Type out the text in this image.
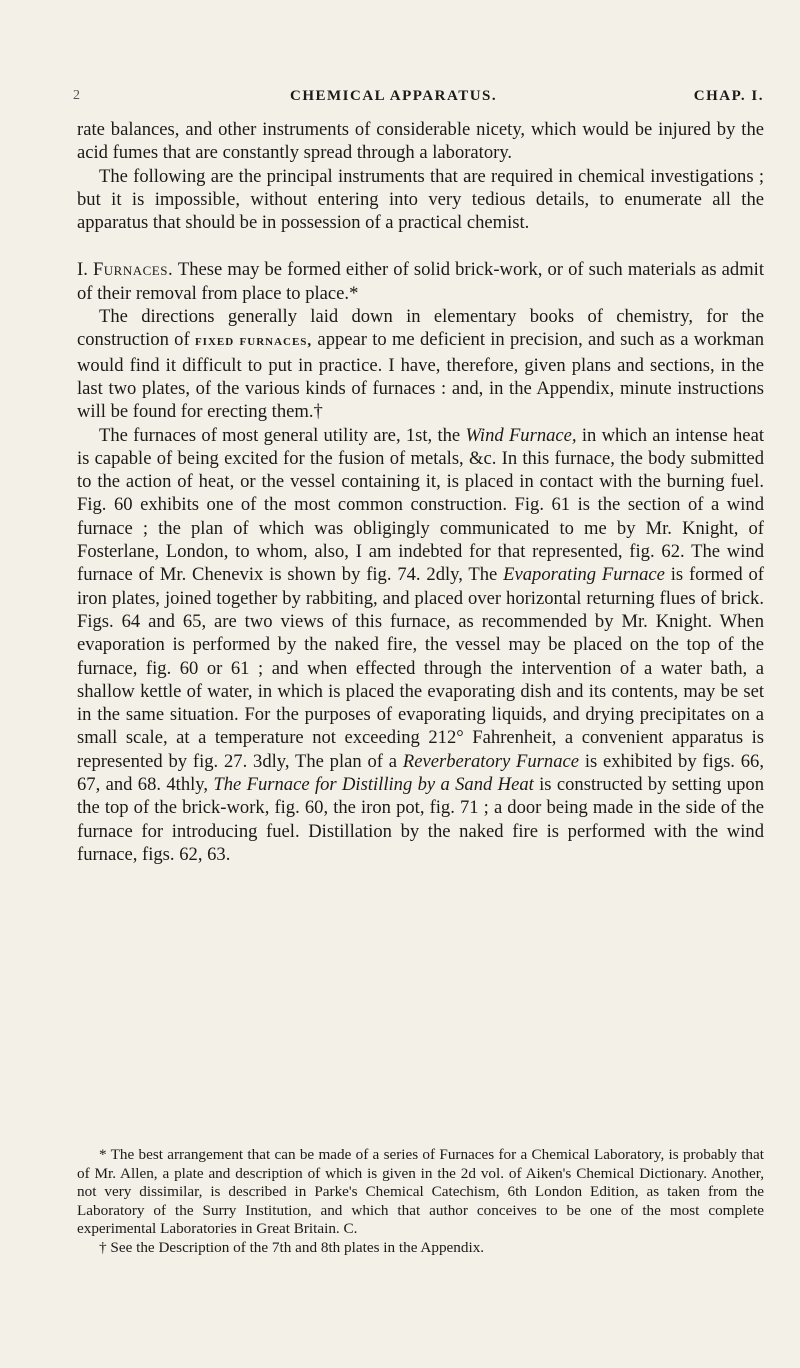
2	CHEMICAL APPARATUS.	CHAP. I.

rate balances, and other instruments of considerable nicety, which would be injured by the acid fumes that are constantly spread through a laboratory.

The following are the principal instruments that are required in chemical investigations ; but it is impossible, without entering into very tedious details, to enumerate all the apparatus that should be in possession of a practical chemist.

I. Furnaces. These may be formed either of solid brick-work, or of such materials as admit of their removal from place to place.*

The directions generally laid down in elementary books of chemistry, for the construction of fixed furnaces, appear to me deficient in precision, and such as a workman would find it difficult to put in practice. I have, therefore, given plans and sections, in the last two plates, of the various kinds of furnaces : and, in the Appendix, minute instructions will be found for erecting them.†

The furnaces of most general utility are, 1st, the Wind Furnace, in which an intense heat is capable of being excited for the fusion of metals, &c. In this furnace, the body submitted to the action of heat, or the vessel containing it, is placed in contact with the burning fuel. Fig. 60 exhibits one of the most common construction. Fig. 61 is the section of a wind furnace ; the plan of which was obligingly communicated to me by Mr. Knight, of Fosterlane, London, to whom, also, I am indebted for that represented, fig. 62. The wind furnace of Mr. Chenevix is shown by fig. 74. 2dly, The Evaporating Furnace is formed of iron plates, joined together by rabbiting, and placed over horizontal returning flues of brick. Figs. 64 and 65, are two views of this furnace, as recommended by Mr. Knight. When evaporation is performed by the naked fire, the vessel may be placed on the top of the furnace, fig. 60 or 61 ; and when effected through the intervention of a water bath, a shallow kettle of water, in which is placed the evaporating dish and its contents, may be set in the same situation. For the purposes of evaporating liquids, and drying precipitates on a small scale, at a temperature not exceeding 212° Fahrenheit, a convenient apparatus is represented by fig. 27. 3dly, The plan of a Reverberatory Furnace is exhibited by figs. 66, 67, and 68. 4thly, The Furnace for Distilling by a Sand Heat is constructed by setting upon the top of the brick-work, fig. 60, the iron pot, fig. 71 ; a door being made in the side of the furnace for introducing fuel. Distillation by the naked fire is performed with the wind furnace, figs. 62, 63.

* The best arrangement that can be made of a series of Furnaces for a Chemical Laboratory, is probably that of Mr. Allen, a plate and description of which is given in the 2d vol. of Aiken's Chemical Dictionary. Another, not very dissimilar, is described in Parke's Chemical Catechism, 6th London Edition, as taken from the Laboratory of the Surry Institution, and which that author conceives to be one of the most complete experimental Laboratories in Great Britain. C.

† See the Description of the 7th and 8th plates in the Appendix.
